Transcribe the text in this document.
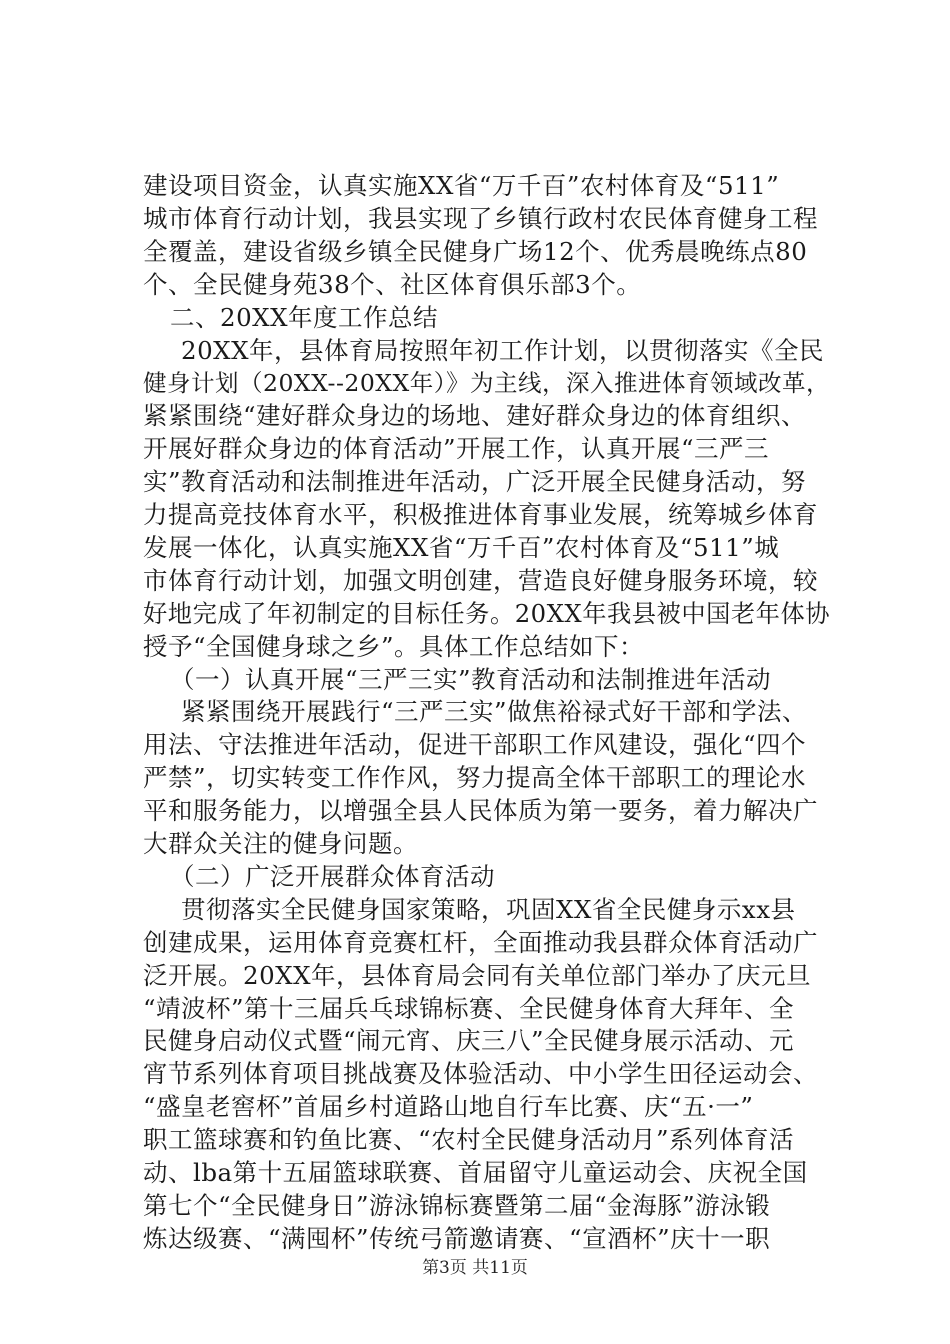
建设项目资金，认真实施XX省“万千百”农村体育及“511”
城市体育行动计划，我县实现了乡镇行政村农民体育健身工程
全覆盖，建设省级乡镇全民健身广场12个、优秀晨晚练点80
个、全民健身苑38个、社区体育俱乐部3个。
二、20XX年度工作总结
20XX年，县体育局按照年初工作计划，以贯彻落实《全民
健身计划（20XX--20XX年）》为主线，深入推进体育领域改革，
紧紧围绕“建好群众身边的场地、建好群众身边的体育组织、
开展好群众身边的体育活动”开展工作，认真开展“三严三
实”教育活动和法制推进年活动，广泛开展全民健身活动，努
力提高竞技体育水平，积极推进体育事业发展，统筹城乡体育
发展一体化，认真实施XX省“万千百”农村体育及“511”城
市体育行动计划，加强文明创建，营造良好健身服务环境，较
好地完成了年初制定的目标任务。20XX年我县被中国老年体协
授予“全国健身球之乡”。具体工作总结如下：
（一）认真开展“三严三实”教育活动和法制推进年活动
紧紧围绕开展践行“三严三实”做焦裕禄式好干部和学法、
用法、守法推进年活动，促进干部职工作风建设，强化“四个
严禁”，切实转变工作作风，努力提高全体干部职工的理论水
平和服务能力，以增强全县人民体质为第一要务，着力解决广
大群众关注的健身问题。
（二）广泛开展群众体育活动
贯彻落实全民健身国家策略，巩固XX省全民健身示xx县
创建成果，运用体育竞赛杠杆，全面推动我县群众体育活动广
泛开展。20XX年，县体育局会同有关单位部门举办了庆元旦
“靖波杯”第十三届兵乓球锦标赛、全民健身体育大拜年、全
民健身启动仪式暨“闹元宵、庆三八”全民健身展示活动、元
宵节系列体育项目挑战赛及体验活动、中小学生田径运动会、
“盛皇老窖杯”首届乡村道路山地自行车比赛、庆“五·一”
职工篮球赛和钓鱼比赛、“农村全民健身活动月”系列体育活
动、lba第十五届篮球联赛、首届留守儿童运动会、庆祝全国
第七个“全民健身日”游泳锦标赛暨第二届“金海豚”游泳锻
炼达级赛、“满囤杯”传统弓箭邀请赛、“宣酒杯”庆十一职
第3页 共11页
